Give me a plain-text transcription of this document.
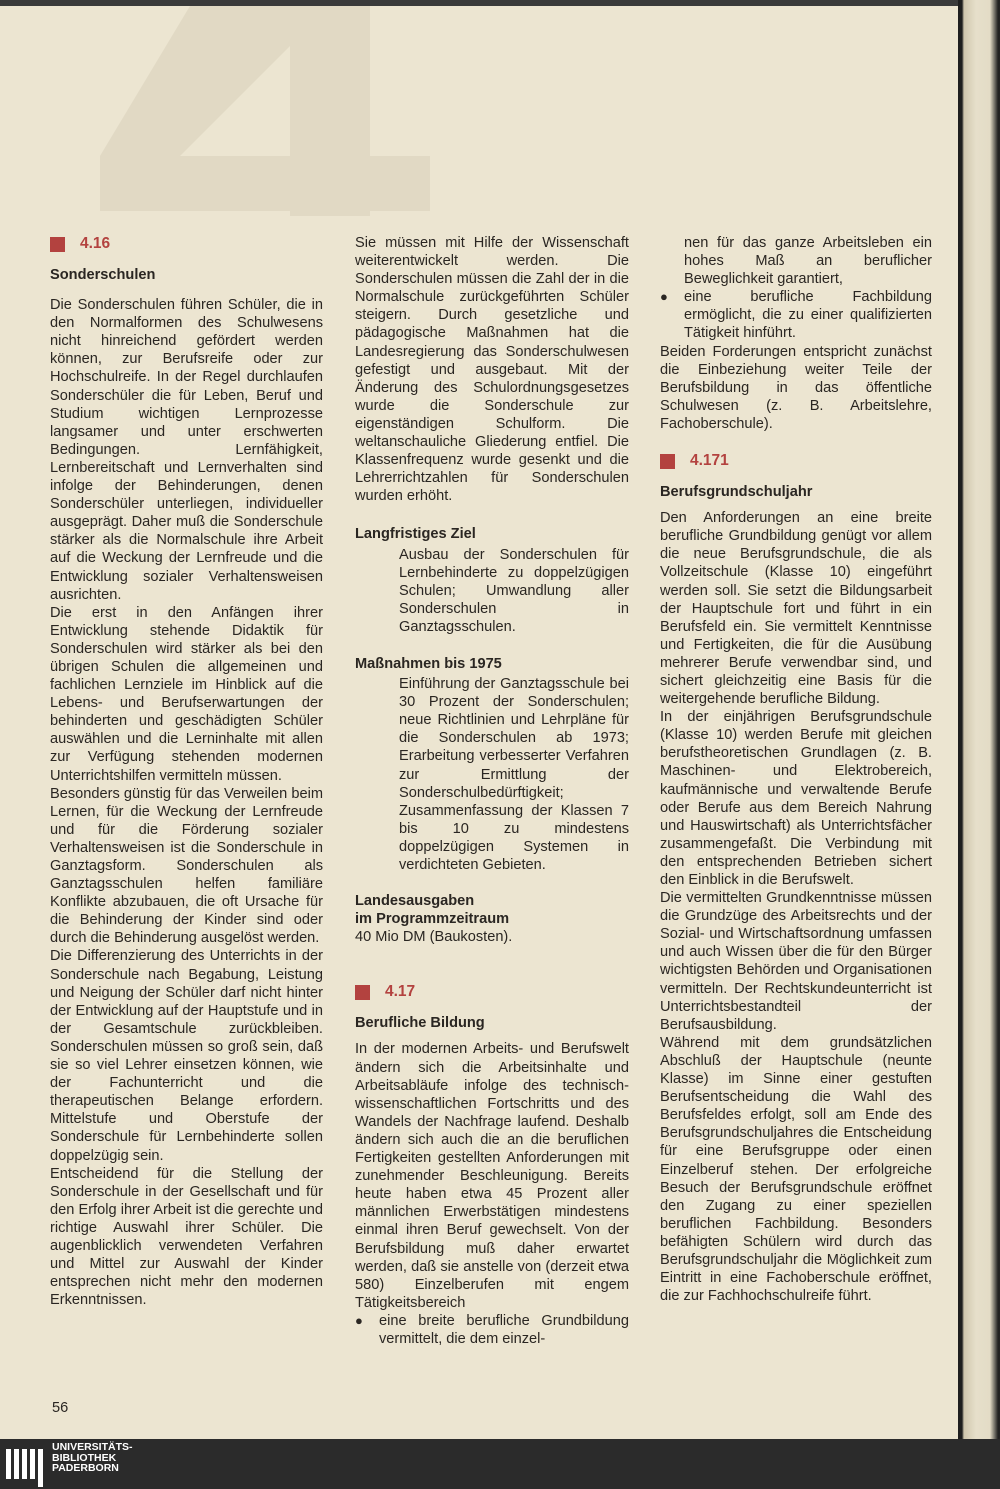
4.16
Sonderschulen

Die Sonderschulen führen Schüler, die in den Normalformen des Schulwesens nicht hinreichend gefördert werden können, zur Berufsreife oder zur Hochschulreife. In der Regel durchlaufen Sonderschüler die für Leben, Beruf und Studium wichtigen Lernprozesse langsamer und unter erschwerten Bedingungen. Lernfähigkeit, Lernbereitschaft und Lernverhalten sind infolge der Behinderungen, denen Sonderschüler unterliegen, individueller ausgeprägt. Daher muß die Sonderschule stärker als die Normalschule ihre Arbeit auf die Weckung der Lernfreude und die Entwicklung sozialer Verhaltensweisen ausrichten.

Die erst in den Anfängen ihrer Entwicklung stehende Didaktik für Sonderschulen wird stärker als bei den übrigen Schulen die allgemeinen und fachlichen Lernziele im Hinblick auf die Lebens- und Berufserwartungen der behinderten und geschädigten Schüler auswählen und die Lerninhalte mit allen zur Verfügung stehenden modernen Unterrichtshilfen vermitteln müssen.

Besonders günstig für das Verweilen beim Lernen, für die Weckung der Lernfreude und für die Förderung sozialer Verhaltensweisen ist die Sonderschule in Ganztagsform. Sonderschulen als Ganztagsschulen helfen familiäre Konflikte abzubauen, die oft Ursache für die Behinderung der Kinder sind oder durch die Behinderung ausgelöst werden.

Die Differenzierung des Unterrichts in der Sonderschule nach Begabung, Leistung und Neigung der Schüler darf nicht hinter der Entwicklung auf der Hauptstufe und in der Gesamtschule zurückbleiben. Sonderschulen müssen so groß sein, daß sie so viel Lehrer einsetzen können, wie der Fachunterricht und die therapeutischen Belange erfordern. Mittelstufe und Oberstufe der Sonderschule für Lernbehinderte sollen doppelzügig sein.

Entscheidend für die Stellung der Sonderschule in der Gesellschaft und für den Erfolg ihrer Arbeit ist die gerechte und richtige Auswahl ihrer Schüler. Die augenblicklich verwendeten Verfahren und Mittel zur Auswahl der Kinder entsprechen nicht mehr den modernen Erkenntnissen.

Sie müssen mit Hilfe der Wissenschaft weiterentwickelt werden. Die Sonderschulen müssen die Zahl der in die Normalschule zurückgeführten Schüler steigern. Durch gesetzliche und pädagogische Maßnahmen hat die Landesregierung das Sonderschulwesen gefestigt und ausgebaut. Mit der Änderung des Schulordnungsgesetzes wurde die Sonderschule zur eigenständigen Schulform. Die weltanschauliche Gliederung entfiel. Die Klassenfrequenz wurde gesenkt und die Lehrerrichtzahlen für Sonderschulen wurden erhöht.

Langfristiges Ziel

Ausbau der Sonderschulen für Lernbehinderte zu doppelzügigen Schulen; Umwandlung aller Sonderschulen in Ganztagsschulen.

Maßnahmen bis 1975

Einführung der Ganztagsschule bei 30 Prozent der Sonderschulen; neue Richtlinien und Lehrpläne für die Sonderschulen ab 1973; Erarbeitung verbesserter Verfahren zur Ermittlung der Sonderschulbedürftigkeit; Zusammenfassung der Klassen 7 bis 10 zu mindestens doppelzügigen Systemen in verdichteten Gebieten.

Landesausgaben
im Programmzeitraum

40 Mio DM (Baukosten).

4.17
Berufliche Bildung

In der modernen Arbeits- und Berufswelt ändern sich die Arbeitsinhalte und Arbeitsabläufe infolge des technisch-wissenschaftlichen Fortschritts und des Wandels der Nachfrage laufend. Deshalb ändern sich auch die an die beruflichen Fertigkeiten gestellten Anforderungen mit zunehmender Beschleunigung. Bereits heute haben etwa 45 Prozent aller männlichen Erwerbstätigen mindestens einmal ihren Beruf gewechselt. Von der Berufsbildung muß daher erwartet werden, daß sie anstelle von (derzeit etwa 580) Einzelberufen mit engem Tätigkeitsbereich

●	eine breite berufliche Grundbildung vermittelt, die dem einzel-

nen für das ganze Arbeitsleben ein hohes Maß an beruflicher Beweglichkeit garantiert,

●	eine berufliche Fachbildung ermöglicht, die zu einer qualifizierten Tätigkeit hinführt.

Beiden Forderungen entspricht zunächst die Einbeziehung weiter Teile der Berufsbildung in das öffentliche Schulwesen (z. B. Arbeitslehre, Fachoberschule).

4.171
Berufsgrundschuljahr

Den Anforderungen an eine breite berufliche Grundbildung genügt vor allem die neue Berufsgrundschule, die als Vollzeitschule (Klasse 10) eingeführt werden soll. Sie setzt die Bildungsarbeit der Hauptschule fort und führt in ein Berufsfeld ein. Sie vermittelt Kenntnisse und Fertigkeiten, die für die Ausübung mehrerer Berufe verwendbar sind, und sichert gleichzeitig eine Basis für die weitergehende berufliche Bildung.

In der einjährigen Berufsgrundschule (Klasse 10) werden Berufe mit gleichen berufstheoretischen Grundlagen (z. B. Maschinen- und Elektrobereich, kaufmännische und verwaltende Berufe oder Berufe aus dem Bereich Nahrung und Hauswirtschaft) als Unterrichtsfächer zusammengefaßt. Die Verbindung mit den entsprechenden Betrieben sichert den Einblick in die Berufswelt.

Die vermittelten Grundkenntnisse müssen die Grundzüge des Arbeitsrechts und der Sozial- und Wirtschaftsordnung umfassen und auch Wissen über die für den Bürger wichtigsten Behörden und Organisationen vermitteln. Der Rechtskundeunterricht ist Unterrichtsbestandteil der Berufsausbildung.

Während mit dem grundsätzlichen Abschluß der Hauptschule (neunte Klasse) im Sinne einer gestuften Berufsentscheidung die Wahl des Berufsfeldes erfolgt, soll am Ende des Berufsgrundschuljahres die Entscheidung für eine Berufsgruppe oder einen Einzelberuf stehen. Der erfolgreiche Besuch der Berufsgrundschule eröffnet den Zugang zu einer speziellen beruflichen Fachbildung. Besonders befähigten Schülern wird durch das Berufsgrundschuljahr die Möglichkeit zum Eintritt in eine Fachoberschule eröffnet, die zur Fachhochschulreife führt.

56
UNIVERSITÄTS-
BIBLIOTHEK
PADERBORN
